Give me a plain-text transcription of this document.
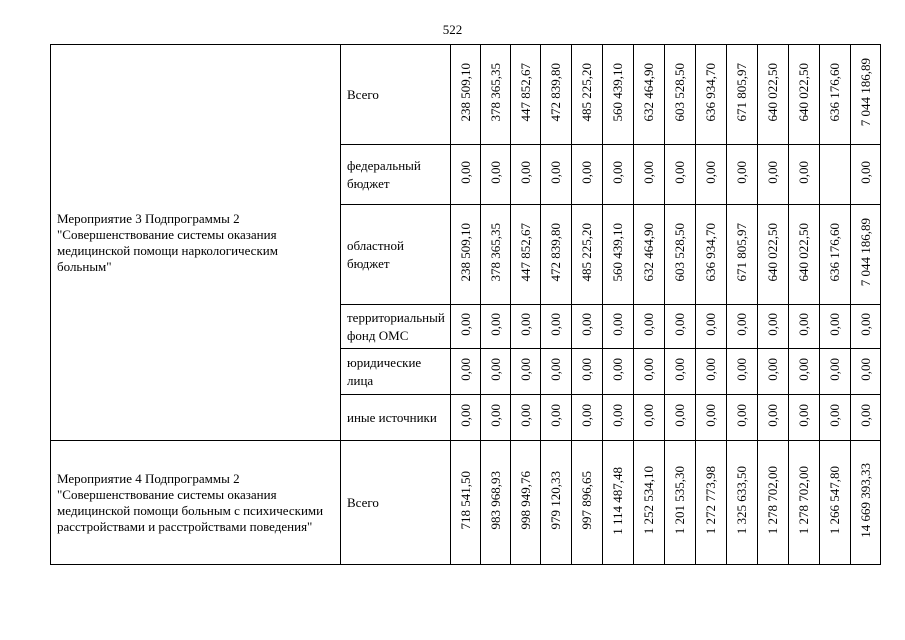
522
Мероприятие 3 Подпрограммы 2 "Совершенствование системы оказания медицинской помощи наркологическим больным"	Всего	238 509,10	378 365,35	447 852,67	472 839,80	485 225,20	560 439,10	632 464,90	603 528,50	636 934,70	671 805,97	640 022,50	640 022,50	636 176,60	7 044 186,89
	федеральный бюджет	0,00	0,00	0,00	0,00	0,00	0,00	0,00	0,00	0,00	0,00	0,00	0,00		0,00
	областной бюджет	238 509,10	378 365,35	447 852,67	472 839,80	485 225,20	560 439,10	632 464,90	603 528,50	636 934,70	671 805,97	640 022,50	640 022,50	636 176,60	7 044 186,89
	территориальный фонд ОМС	0,00	0,00	0,00	0,00	0,00	0,00	0,00	0,00	0,00	0,00	0,00	0,00	0,00	0,00
	юридические лица	0,00	0,00	0,00	0,00	0,00	0,00	0,00	0,00	0,00	0,00	0,00	0,00	0,00	0,00
	иные источники	0,00	0,00	0,00	0,00	0,00	0,00	0,00	0,00	0,00	0,00	0,00	0,00	0,00	0,00
Мероприятие 4 Подпрограммы 2 "Совершенствование системы оказания медицинской помощи больным с психическими расстройствами и расстройствами поведения"	Всего	718 541,50	983 968,93	998 949,76	979 120,33	997 896,65	1 114 487,48	1 252 534,10	1 201 535,30	1 272 773,98	1 325 633,50	1 278 702,00	1 278 702,00	1 266 547,80	14 669 393,33
